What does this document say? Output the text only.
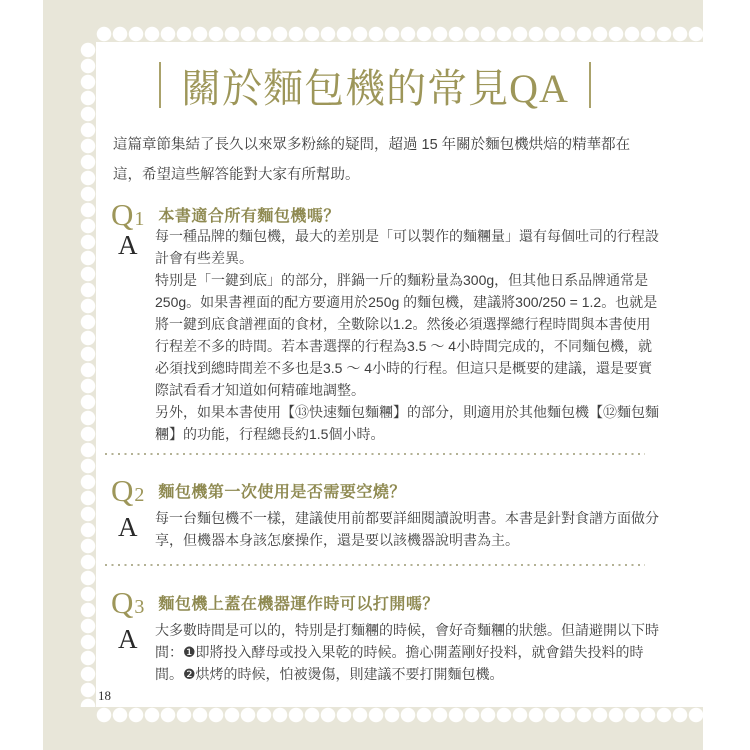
關於麵包機的常見QA
這篇章節集結了長久以來眾多粉絲的疑問，超過 15 年關於麵包機烘焙的精華都在
這，希望這些解答能對大家有所幫助。
Q 1 本書適合所有麵包機嗎？
A 每一種品牌的麵包機，最大的差別是「可以製作的麵糰量」還有每個吐司的行程設
計會有些差異。
特別是「一鍵到底」的部分，胖鍋一斤的麵粉量為300g，但其他日系品牌通常是
250g。如果書裡面的配方要適用於250g 的麵包機，建議將300/250 = 1.2。也就是
將一鍵到底食譜裡面的食材，全數除以1.2。然後必須選擇總行程時間與本書使用
行程差不多的時間。若本書選擇的行程為3.5 ～ 4小時間完成的，不同麵包機，就
必須找到總時間差不多也是3.5 ～ 4小時的行程。但這只是概要的建議，還是要實
際試看看才知道如何精確地調整。
另外，如果本書使用【⑬快速麵包麵糰】的部分，則適用於其他麵包機【⑫麵包麵
糰】的功能，行程總長約1.5個小時。
Q 2 麵包機第一次使用是否需要空燒？
A 每一台麵包機不一樣，建議使用前都要詳細閱讀說明書。本書是針對食譜方面做分
享，但機器本身該怎麼操作，還是要以該機器說明書為主。
Q 3 麵包機上蓋在機器運作時可以打開嗎？
A 大多數時間是可以的，特別是打麵糰的時候，會好奇麵糰的狀態。但請避開以下時
間：❶即將投入酵母或投入果乾的時候。擔心開蓋剛好投料，就會錯失投料的時
間。❷烘烤的時候，怕被燙傷，則建議不要打開麵包機。
18
